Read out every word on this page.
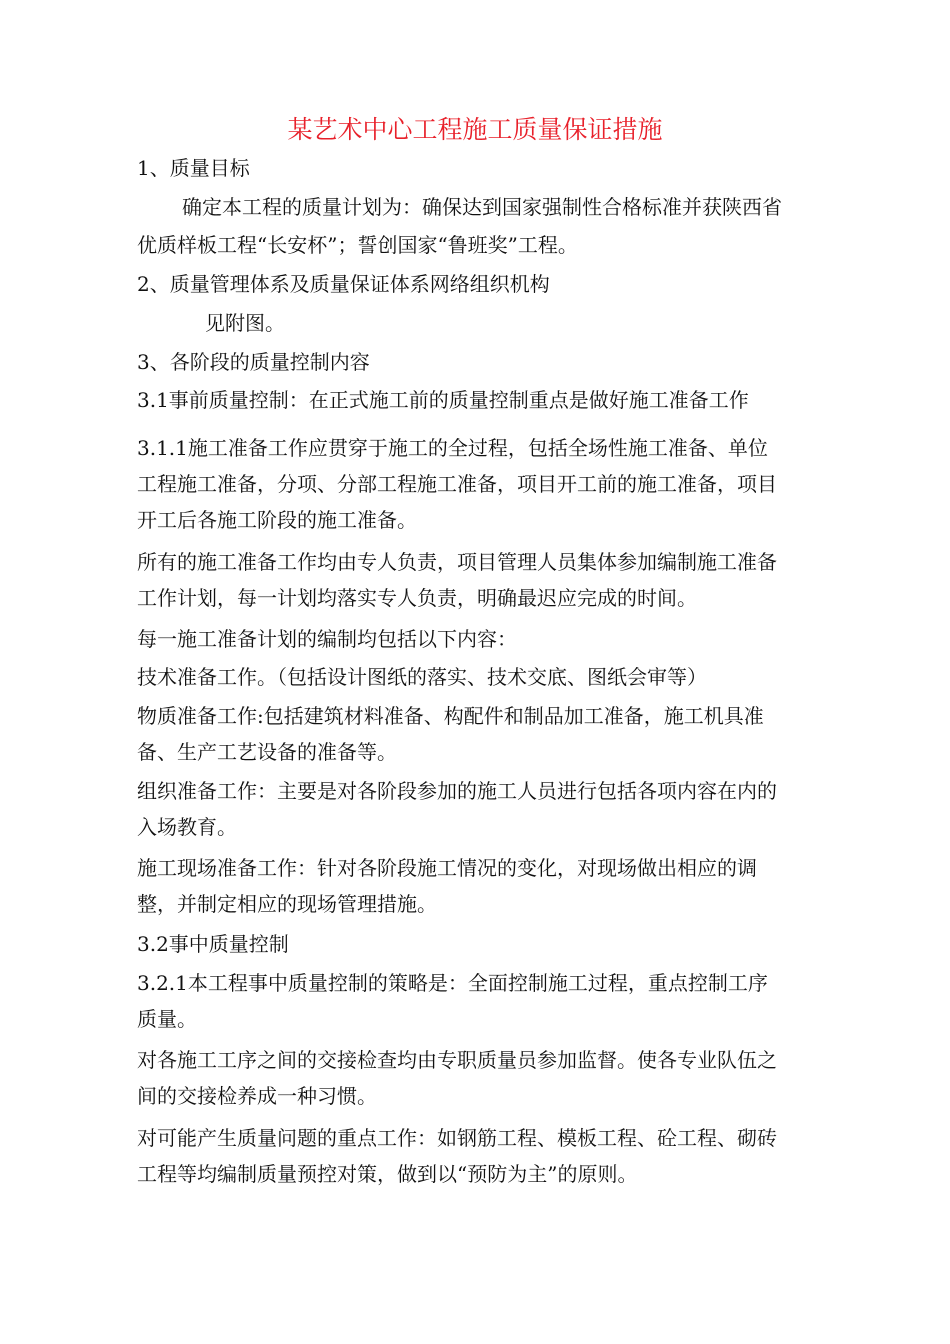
某艺术中心工程施工质量保证措施
1、质量目标
确定本工程的质量计划为：确保达到国家强制性合格标准并获陕西省
优质样板工程“长安杯”；誓创国家“鲁班奖”工程。
2、质量管理体系及质量保证体系网络组织机构
见附图。
3、各阶段的质量控制内容
3.1事前质量控制：在正式施工前的质量控制重点是做好施工准备工作
3.1.1施工准备工作应贯穿于施工的全过程，包括全场性施工准备、单位
工程施工准备，分项、分部工程施工准备，项目开工前的施工准备，项目
开工后各施工阶段的施工准备。
所有的施工准备工作均由专人负责，项目管理人员集体参加编制施工准备
工作计划，每一计划均落实专人负责，明确最迟应完成的时间。
每一施工准备计划的编制均包括以下内容：
技术准备工作。（包括设计图纸的落实、技术交底、图纸会审等）
物质准备工作:包括建筑材料准备、构配件和制品加工准备，施工机具准
备、生产工艺设备的准备等。
组织准备工作：主要是对各阶段参加的施工人员进行包括各项内容在内的
入场教育。
施工现场准备工作：针对各阶段施工情况的变化，对现场做出相应的调
整，并制定相应的现场管理措施。
3.2事中质量控制
3.2.1本工程事中质量控制的策略是：全面控制施工过程，重点控制工序
质量。
对各施工工序之间的交接检查均由专职质量员参加监督。使各专业队伍之
间的交接检养成一种习惯。
对可能产生质量问题的重点工作：如钢筋工程、模板工程、砼工程、砌砖
工程等均编制质量预控对策，做到以“预防为主”的原则。
